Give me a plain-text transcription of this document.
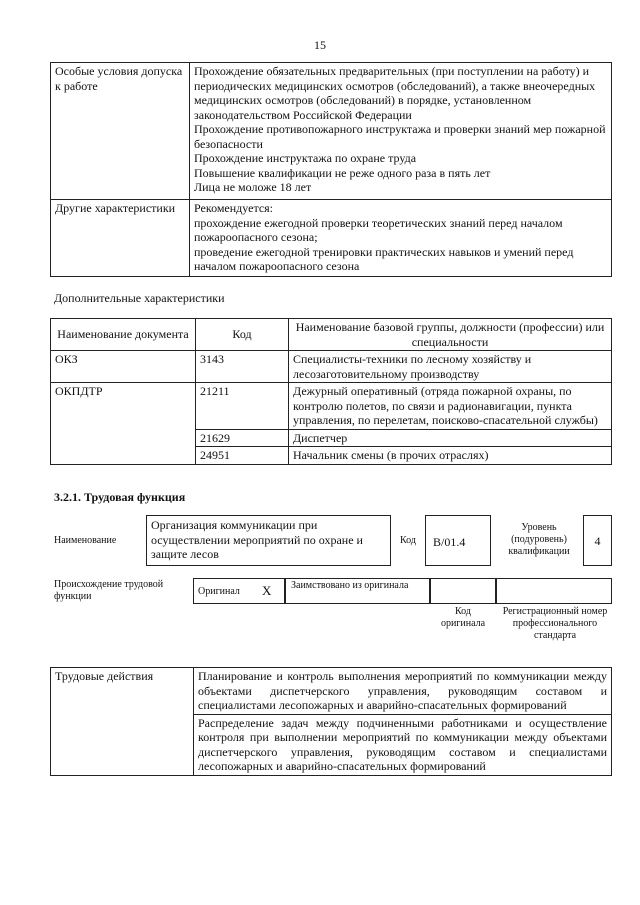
15
Особые условия допуска к работе	Прохождение обязательных предварительных (при поступлении на работу) и периодических медицинских осмотров (обследований), а также внеочередных медицинских осмотров (обследований) в порядке, установленном законодательством Российской Федерации
Прохождение противопожарного инструктажа и проверки знаний мер пожарной безопасности
Прохождение инструктажа по охране труда
Повышение квалификации не реже одного раза в пять лет
Лица не моложе 18 лет

Другие характеристики	Рекомендуется:
прохождение ежегодной проверки теоретических знаний перед началом пожароопасного сезона;
проведение ежегодной тренировки практических навыков и умений перед началом пожароопасного сезона
Дополнительные характеристики
Наименование документа	Код	Наименование базовой группы, должности (профессии) или специальности
ОКЗ	3143	Специалисты-техники по лесному хозяйству и лесозаготовительному производству
ОКПДТР	21211	Дежурный оперативный (отряда пожарной охраны, по контролю полетов, по связи и радионавигации, пункта управления, по перелетам, поисково-спасательной службы)
	21629	Диспетчер
	24951	Начальник смены (в прочих отраслях)
3.2.1. Трудовая функция
Наименование
Организация коммуникации при осуществлении мероприятий по охране и защите лесов
Код	B/01.4
Уровень (подуровень) квалификации
4
Происхождение трудовой функции	Оригинал X Заимствовано из оригинала
Код оригинала
Регистрационный номер профессионального стандарта
Трудовые действия	Планирование и контроль выполнения мероприятий по коммуникации между объектами диспетчерского управления, руководящим составом и специалистами лесопожарных и аварийно-спасательных формирований
Распределение задач между подчиненными работниками и осуществление контроля при выполнении мероприятий по коммуникации между объектами диспетчерского управления, руководящим составом и специалистами лесопожарных и аварийно-спасательных формирований
